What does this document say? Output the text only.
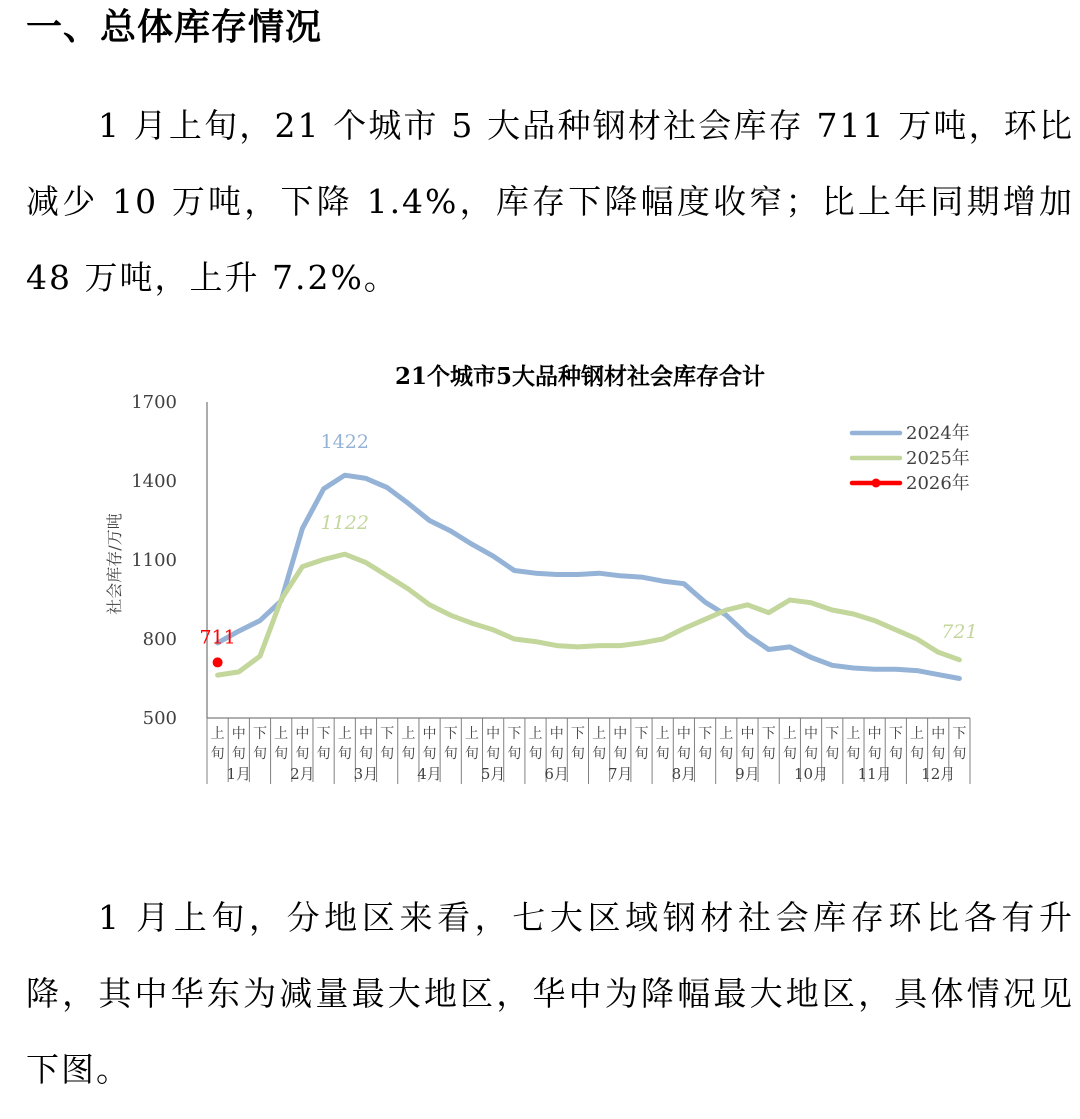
一、总体库存情况

1 月上旬，21 个城市 5 大品种钢材社会库存 711 万吨，环比减少 10 万吨，下降 1.4%，库存下降幅度收窄；比上年同期增加 48 万吨，上升 7.2%。

21个城市5大品种钢材社会库存合计
社会库存/万吨
500
800
1100
1400
1700
上
旬
中
旬
下
旬
上
旬
中
旬
下
旬
上
旬
中
旬
下
旬
上
旬
中
旬
下
旬
上
旬
中
旬
下
旬
上
旬
中
旬
下
旬
上
旬
中
旬
下
旬
上
旬
中
旬
下
旬
上
旬
中
旬
下
旬
上
旬
中
旬
下
旬
上
旬
中
旬
下
旬
上
旬
中
旬
下
旬
1月	2月	3月	4月	5月	6月	7月	8月	9月 10月 11月 12月
1422
1122
711	721
2024年
2025年
2026年

1 月上旬，分地区来看，七大区域钢材社会库存环比各有升降，其中华东为减量最大地区，华中为降幅最大地区，具体情况见下图。
